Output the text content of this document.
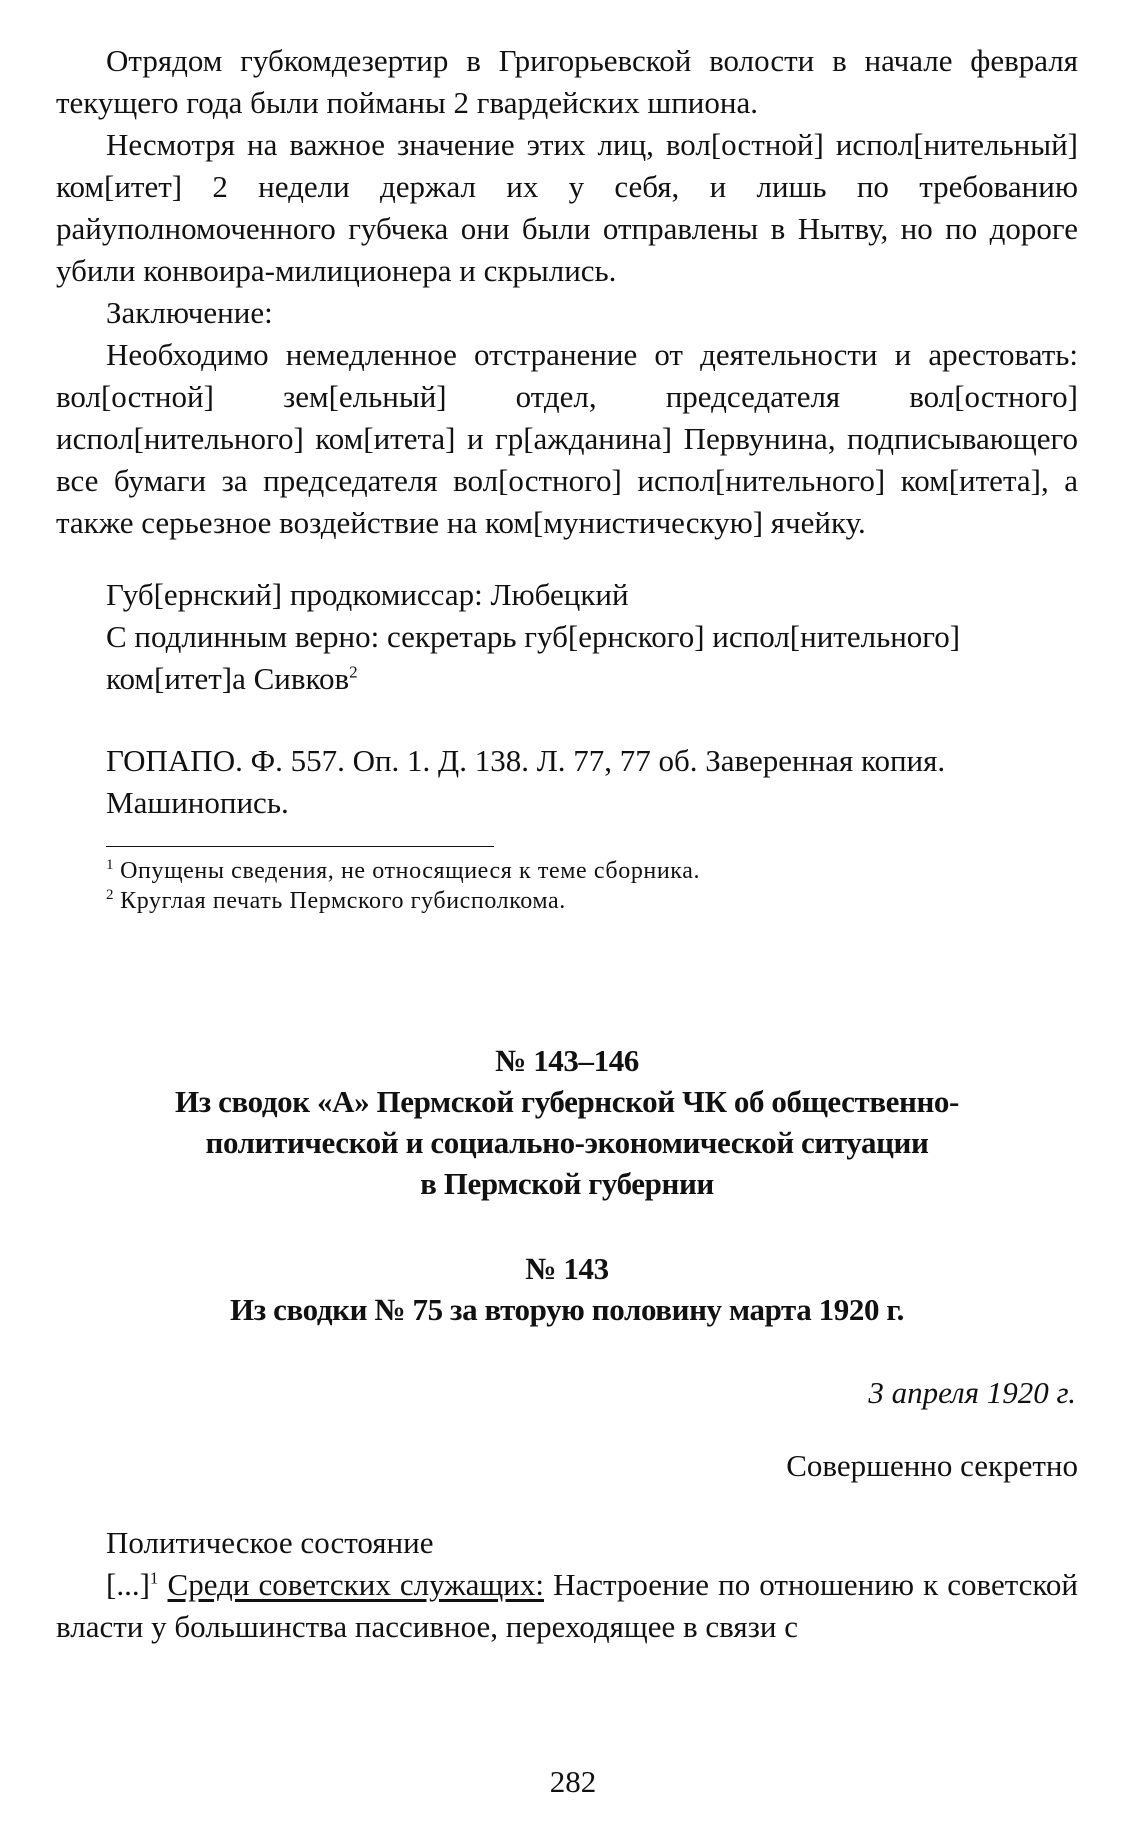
Отрядом губкомдезертир в Григорьевской волости в начале февраля текущего года были пойманы 2 гвардейских шпиона.

Несмотря на важное значение этих лиц, вол[остной] испол[нительный] ком[итет] 2 недели держал их у себя, и лишь по требованию райуполномоченного губчека они были отправлены в Нытву, но по дороге убили конвоира-милиционера и скрылись.

Заключение:

Необходимо немедленное отстранение от деятельности и арестовать: вол[остной] зем[ельный] отдел, председателя вол[остного] испол[нительного] ком[итета] и гр[ажданина] Первунина, подписывающего все бумаги за председателя вол[остного] испол[нительного] ком[итета], а также серьезное воздействие на ком[мунистическую] ячейку.

Губ[ернский] продкомиссар: Любецкий
С подлинным верно: секретарь губ[ернского] испол[нительного]
ком[итет]а Сивков$^2$
ГОПАПО. Ф. 557. Оп. 1. Д. 138. Л. 77, 77 об. Заверенная копия.
Машинопись.
$^1$ Опущены сведения, не относящиеся к теме сборника.
$^2$ Круглая печать Пермского губисполкома.
№ 143–146
Из сводок «А» Пермской губернской ЧК об общественно-
политической и социально-экономической ситуации
в Пермской губернии
№ 143
Из сводки № 75 за вторую половину марта 1920 г.
3 апреля 1920 г.
Совершенно секретно
Политическое состояние

[...]$^1$ Среди советских служащих: Настроение по отношению к советской власти у большинства пассивное, переходящее в связи с

282
